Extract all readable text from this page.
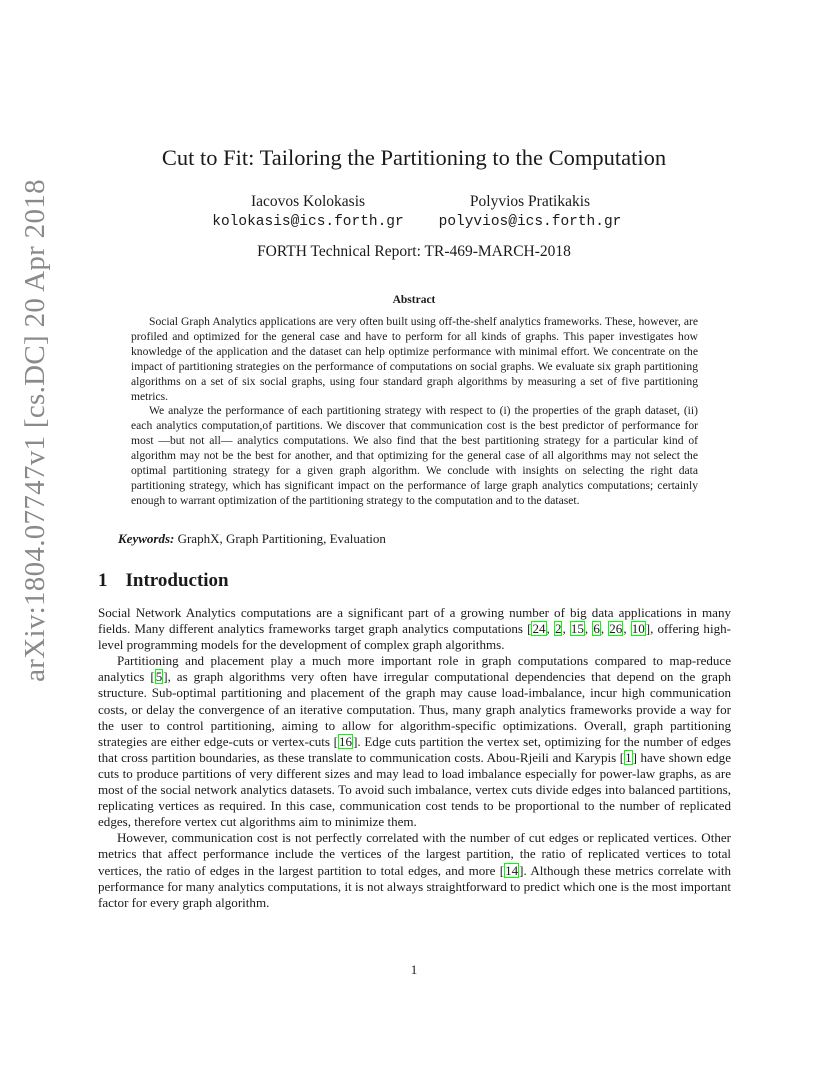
arXiv:1804.07747v1 [cs.DC] 20 Apr 2018
Cut to Fit: Tailoring the Partitioning to the Computation
Iacovos Kolokasis
kolokasis@ics.forth.gr
Polyvios Pratikakis
polyvios@ics.forth.gr
FORTH Technical Report: TR-469-MARCH-2018
Abstract

Social Graph Analytics applications are very often built using off-the-shelf analytics frameworks. These, however, are profiled and optimized for the general case and have to perform for all kinds of graphs. This paper investigates how knowledge of the application and the dataset can help optimize performance with minimal effort. We concentrate on the impact of partitioning strategies on the performance of computations on social graphs. We evaluate six graph partitioning algorithms on a set of six social graphs, using four standard graph algorithms by measuring a set of five partitioning metrics.

We analyze the performance of each partitioning strategy with respect to (i) the properties of the graph dataset, (ii) each analytics computation,of partitions. We discover that communication cost is the best predictor of performance for most —but not all— analytics computations. We also find that the best partitioning strategy for a particular kind of algorithm may not be the best for another, and that optimizing for the general case of all algorithms may not select the optimal partitioning strategy for a given graph algorithm. We conclude with insights on selecting the right data partitioning strategy, which has significant impact on the performance of large graph analytics computations; certainly enough to warrant optimization of the partitioning strategy to the computation and to the dataset.

Keywords: GraphX, Graph Partitioning, Evaluation
1 Introduction

Social Network Analytics computations are a significant part of a growing number of big data applications in many fields. Many different analytics frameworks target graph analytics computations [24, 2, 15, 6, 26, 10], offering high-level programming models for the development of complex graph algorithms.

Partitioning and placement play a much more important role in graph computations compared to map-reduce analytics [5], as graph algorithms very often have irregular computational dependencies that depend on the graph structure. Sub-optimal partitioning and placement of the graph may cause load-imbalance, incur high communication costs, or delay the convergence of an iterative computation. Thus, many graph analytics frameworks provide a way for the user to control partitioning, aiming to allow for algorithm-specific optimizations. Overall, graph partitioning strategies are either edge-cuts or vertex-cuts [16]. Edge cuts partition the vertex set, optimizing for the number of edges that cross partition boundaries, as these translate to communication costs. Abou-Rjeili and Karypis [1] have shown edge cuts to produce partitions of very different sizes and may lead to load imbalance especially for power-law graphs, as are most of the social network analytics datasets. To avoid such imbalance, vertex cuts divide edges into balanced partitions, replicating vertices as required. In this case, communication cost tends to be proportional to the number of replicated edges, therefore vertex cut algorithms aim to minimize them.

However, communication cost is not perfectly correlated with the number of cut edges or replicated vertices. Other metrics that affect performance include the vertices of the largest partition, the ratio of replicated vertices to total vertices, the ratio of edges in the largest partition to total edges, and more [14]. Although these metrics correlate with performance for many analytics computations, it is not always straightforward to predict which one is the most important factor for every graph algorithm.

1
